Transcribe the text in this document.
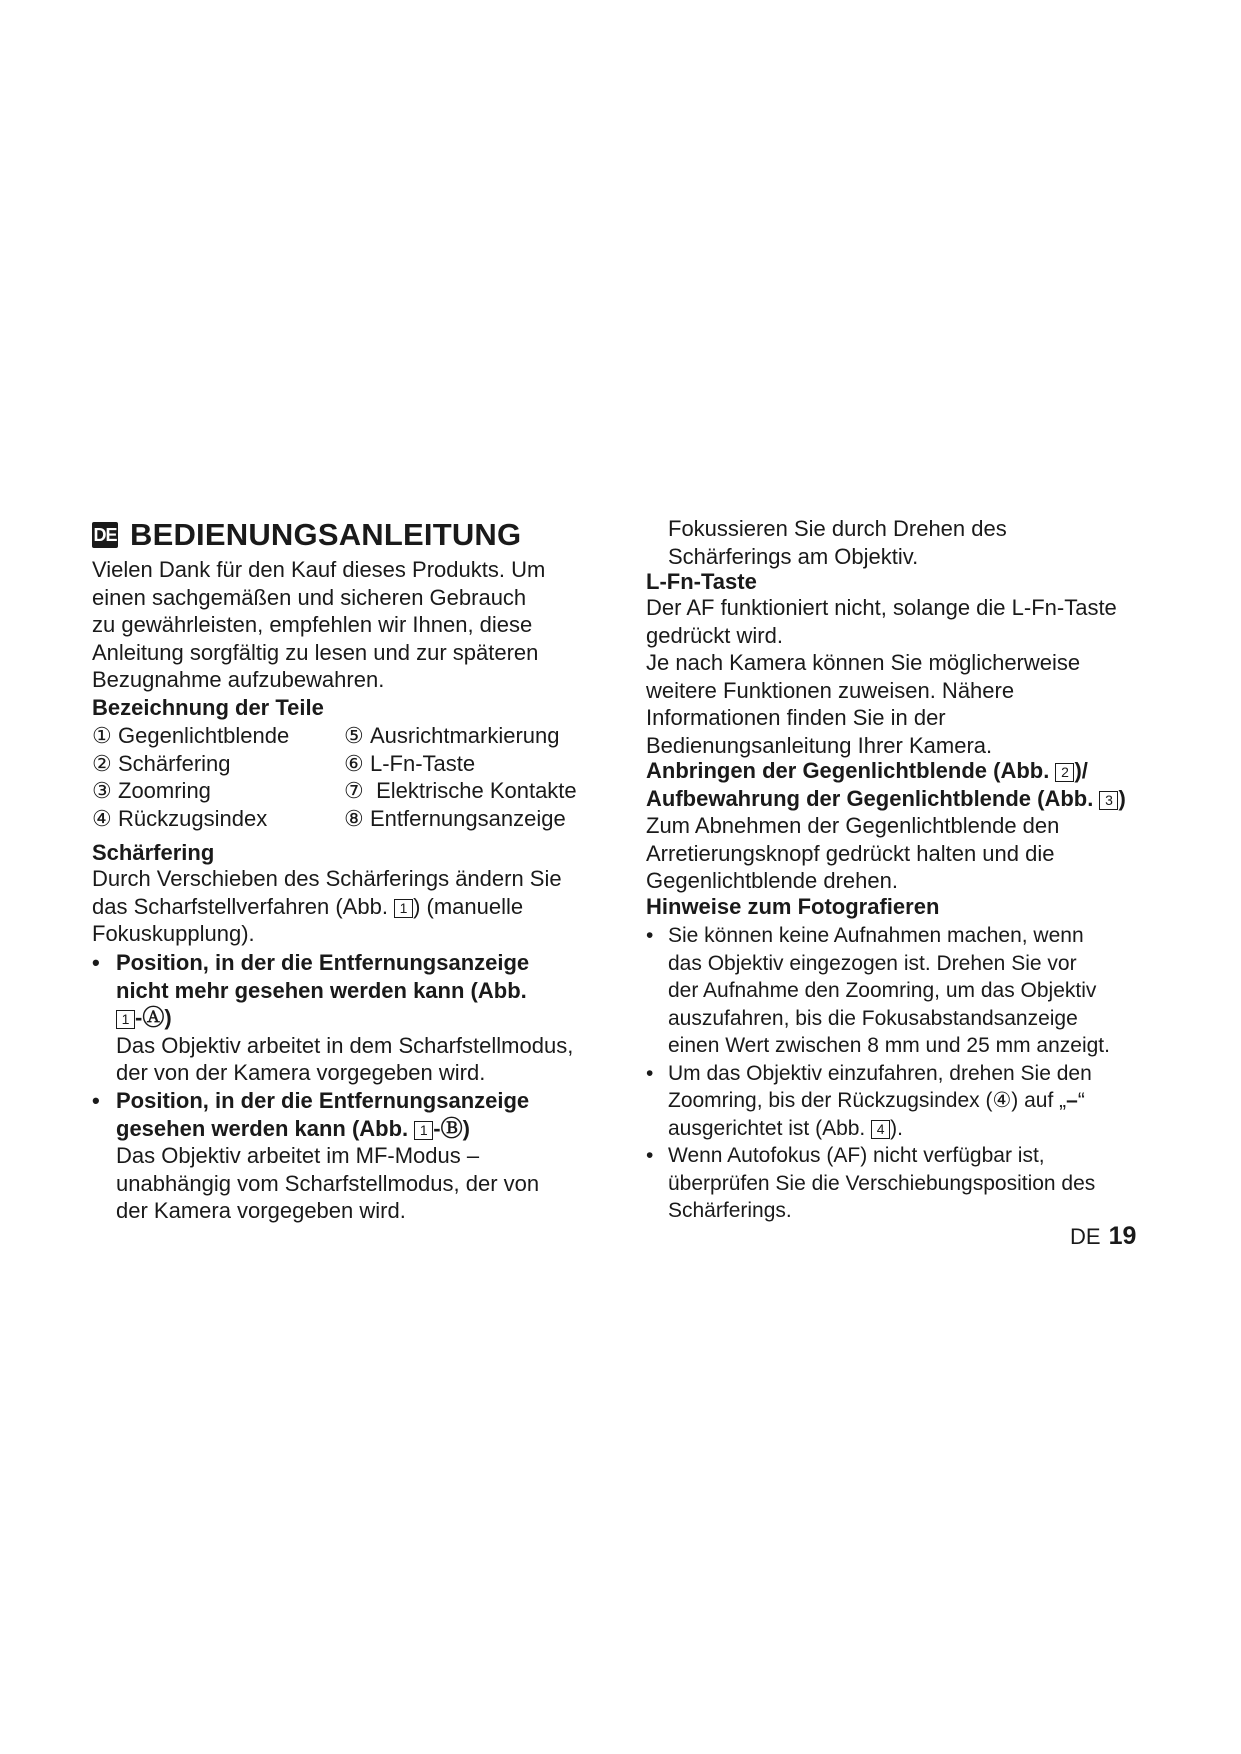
DE BEDIENUNGSANLEITUNG

Vielen Dank für den Kauf dieses Produkts. Um

einen sachgemäßen und sicheren Gebrauch

zu gewährleisten, empfehlen wir Ihnen, diese

Anleitung sorgfältig zu lesen und zur späteren

Bezugnahme aufzubewahren.

Bezeichnung der Teile

① Gegenlichtblende	⑤ Ausrichtmarkierung
② Schärfering	⑥ L-Fn-Taste
③ Zoomring	⑦ Elektrische Kontakte
④ Rückzugsindex	⑧ Entfernungsanzeige

Schärfering

Durch Verschieben des Schärferings ändern Sie

das Scharfstellverfahren (Abb. 1 ) (manuelle

Fokuskupplung).

• Position, in der die Entfernungsanzeige

nicht mehr gesehen werden kann (Abb.

1 -Ⓐ)

Das Objektiv arbeitet in dem Scharfstellmodus,

der von der Kamera vorgegeben wird.

• Position, in der die Entfernungsanzeige

gesehen werden kann (Abb. 1 -Ⓑ)

Das Objektiv arbeitet im MF-Modus –

unabhängig vom Scharfstellmodus, der von

der Kamera vorgegeben wird.

Fokussieren Sie durch Drehen des

Schärferings am Objektiv.

L-Fn-Taste

Der AF funktioniert nicht, solange die L-Fn-Taste

gedrückt wird.

Je nach Kamera können Sie möglicherweise

weitere Funktionen zuweisen. Nähere

Informationen finden Sie in der

Bedienungsanleitung Ihrer Kamera.

Anbringen der Gegenlichtblende (Abb. 2 )/

Aufbewahrung der Gegenlichtblende (Abb. 3 )

Zum Abnehmen der Gegenlichtblende den

Arretierungsknopf gedrückt halten und die

Gegenlichtblende drehen.

Hinweise zum Fotografieren

• Sie können keine Aufnahmen machen, wenn
das Objektiv eingezogen ist. Drehen Sie vor
der Aufnahme den Zoomring, um das Objektiv
auszufahren, bis die Fokusabstandsanzeige
einen Wert zwischen 8 mm und 25 mm anzeigt.
• Um das Objektiv einzufahren, drehen Sie den
Zoomring, bis der Rückzugsindex (④) auf „–“
ausgerichtet ist (Abb. 4 ).
• Wenn Autofokus (AF) nicht verfügbar ist,
überprüfen Sie die Verschiebungsposition des
Schärferings.
DE 19
